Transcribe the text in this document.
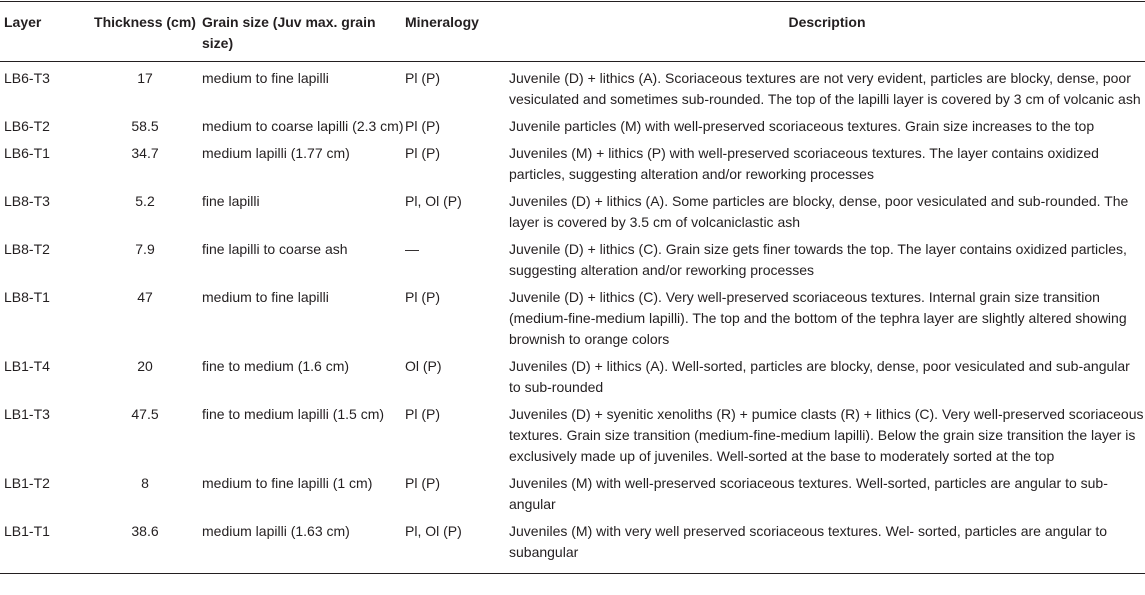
Layer	Thickness (cm)	Grain size (Juv max. grain size)	Mineralogy	Description
LB6-T3	17	medium to fine lapilli	Pl (P)	Juvenile (D) + lithics (A). Scoriaceous textures are not very evident, particles are blocky, dense, poor vesiculated and sometimes sub-rounded. The top of the lapilli layer is covered by 3 cm of volcanic ash
LB6-T2	58.5	medium to coarse lapilli (2.3 cm)	Pl (P)	Juvenile particles (M) with well-preserved scoriaceous textures. Grain size increases to the top
LB6-T1	34.7	medium lapilli (1.77 cm)	Pl (P)	Juveniles (M) + lithics (P) with well-preserved scoriaceous textures. The layer contains oxidized particles, suggesting alteration and/or reworking processes
LB8-T3	5.2	fine lapilli	Pl, Ol (P)	Juveniles (D) + lithics (A). Some particles are blocky, dense, poor vesiculated and sub-rounded. The layer is covered by 3.5 cm of volcaniclastic ash
LB8-T2	7.9	fine lapilli to coarse ash	—	Juvenile (D) + lithics (C). Grain size gets finer towards the top. The layer contains oxidized particles, suggesting alteration and/or reworking processes
LB8-T1	47	medium to fine lapilli	Pl (P)	Juvenile (D) + lithics (C). Very well-preserved scoriaceous textures. Internal grain size transition (medium-fine-medium lapilli). The top and the bottom of the tephra layer are slightly altered showing brownish to orange colors
LB1-T4	20	fine to medium (1.6 cm)	Ol (P)	Juveniles (D) + lithics (A). Well-sorted, particles are blocky, dense, poor vesiculated and sub-angular to sub-rounded
LB1-T3	47.5	fine to medium lapilli (1.5 cm)	Pl (P)	Juveniles (D) + syenitic xenoliths (R) + pumice clasts (R) + lithics (C). Very well-preserved scoriaceous textures. Grain size transition (medium-fine-medium lapilli). Below the grain size transition the layer is exclusively made up of juveniles. Well-sorted at the base to moderately sorted at the top
LB1-T2	8	medium to fine lapilli (1 cm)	Pl (P)	Juveniles (M) with well-preserved scoriaceous textures. Well-sorted, particles are angular to sub-angular
LB1-T1	38.6	medium lapilli (1.63 cm)	Pl, Ol (P)	Juveniles (M) with very well preserved scoriaceous textures. Wel- sorted, particles are angular to subangular
